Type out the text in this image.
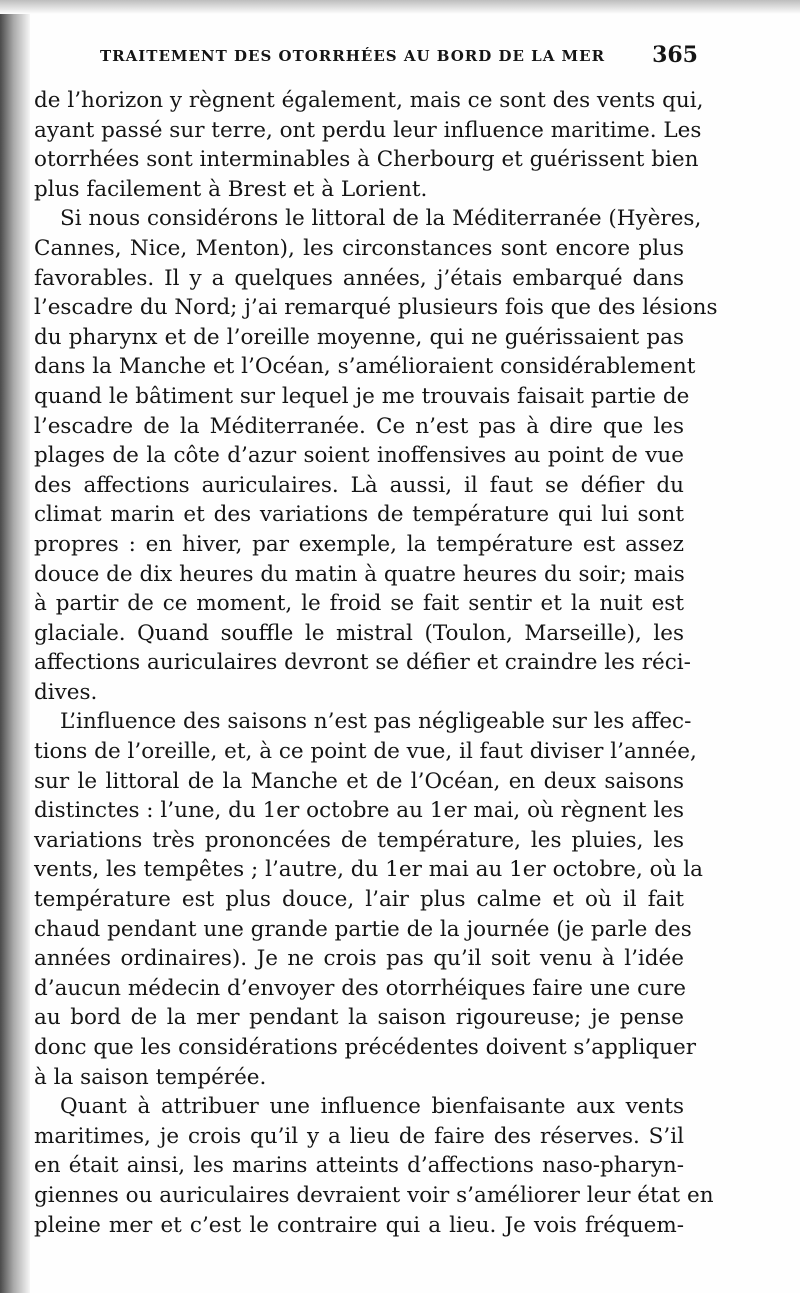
TRAITEMENT DES OTORRHÉES AU BORD DE LA MER 365
de l’horizon y règnent également, mais ce sont des vents qui,
ayant passé sur terre, ont perdu leur influence maritime. Les
otorrhées sont interminables à Cherbourg et guérissent bien
plus facilement à Brest et à Lorient.
Si nous considérons le littoral de la Méditerranée (Hyères,
Cannes, Nice, Menton), les circonstances sont encore plus
favorables. Il y a quelques années, j’étais embarqué dans
l’escadre du Nord; j’ai remarqué plusieurs fois que des lésions
du pharynx et de l’oreille moyenne, qui ne guérissaient pas
dans la Manche et l’Océan, s’amélioraient considérablement
quand le bâtiment sur lequel je me trouvais faisait partie de
l’escadre de la Méditerranée. Ce n’est pas à dire que les
plages de la côte d’azur soient inoffensives au point de vue
des affections auriculaires. Là aussi, il faut se défier du
climat marin et des variations de température qui lui sont
propres : en hiver, par exemple, la température est assez
douce de dix heures du matin à quatre heures du soir; mais
à partir de ce moment, le froid se fait sentir et la nuit est
glaciale. Quand souffle le mistral (Toulon, Marseille), les
affections auriculaires devront se défier et craindre les réci-
dives.
L’influence des saisons n’est pas négligeable sur les affec-
tions de l’oreille, et, à ce point de vue, il faut diviser l’année,
sur le littoral de la Manche et de l’Océan, en deux saisons
distinctes : l’une, du 1er octobre au 1er mai, où règnent les
variations très prononcées de température, les pluies, les
vents, les tempêtes ; l’autre, du 1er mai au 1er octobre, où la
température est plus douce, l’air plus calme et où il fait
chaud pendant une grande partie de la journée (je parle des
années ordinaires). Je ne crois pas qu’il soit venu à l’idée
d’aucun médecin d’envoyer des otorrhéiques faire une cure
au bord de la mer pendant la saison rigoureuse; je pense
donc que les considérations précédentes doivent s’appliquer
à la saison tempérée.
Quant à attribuer une influence bienfaisante aux vents
maritimes, je crois qu’il y a lieu de faire des réserves. S’il
en était ainsi, les marins atteints d’affections naso-pharyn-
giennes ou auriculaires devraient voir s’améliorer leur état en
pleine mer et c’est le contraire qui a lieu. Je vois fréquem-
